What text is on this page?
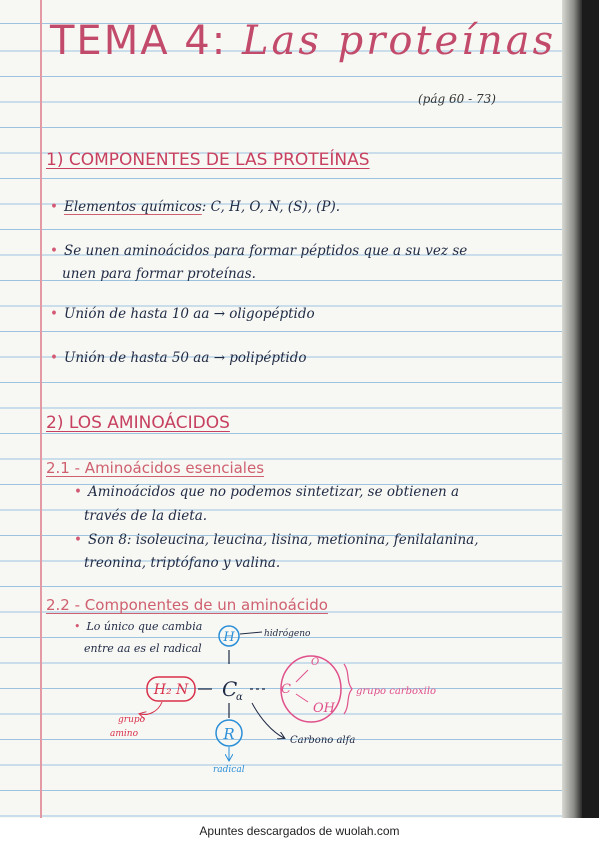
TEMA 4: Las proteínas
(pág 60 - 73)
1) COMPONENTES DE LAS PROTEÍNAS
• Elementos químicos: C, H, O, N, (S), (P).
• Se unen aminoácidos para formar péptidos que a su vez se
unen para formar proteínas.
• Unión de hasta 10 aa → oligopéptido
• Unión de hasta 50 aa → polipéptido
2) LOS AMINOÁCIDOS
2.1 - Aminoácidos esenciales
• Aminoácidos que no podemos sintetizar, se obtienen a
través de la dieta.
• Son 8: isoleucina, leucina, lisina, metionina, fenilalanina,
treonina, triptófano y valina.
2.2 - Componentes de un aminoácido
• Lo único que cambia
entre aa es el radical
H	hidrógeno
H₂ N
grupo
amino
C
α
C
O
OH
grupo carboxilo
R
radical
Carbono alfa
Apuntes descargados de wuolah.com
